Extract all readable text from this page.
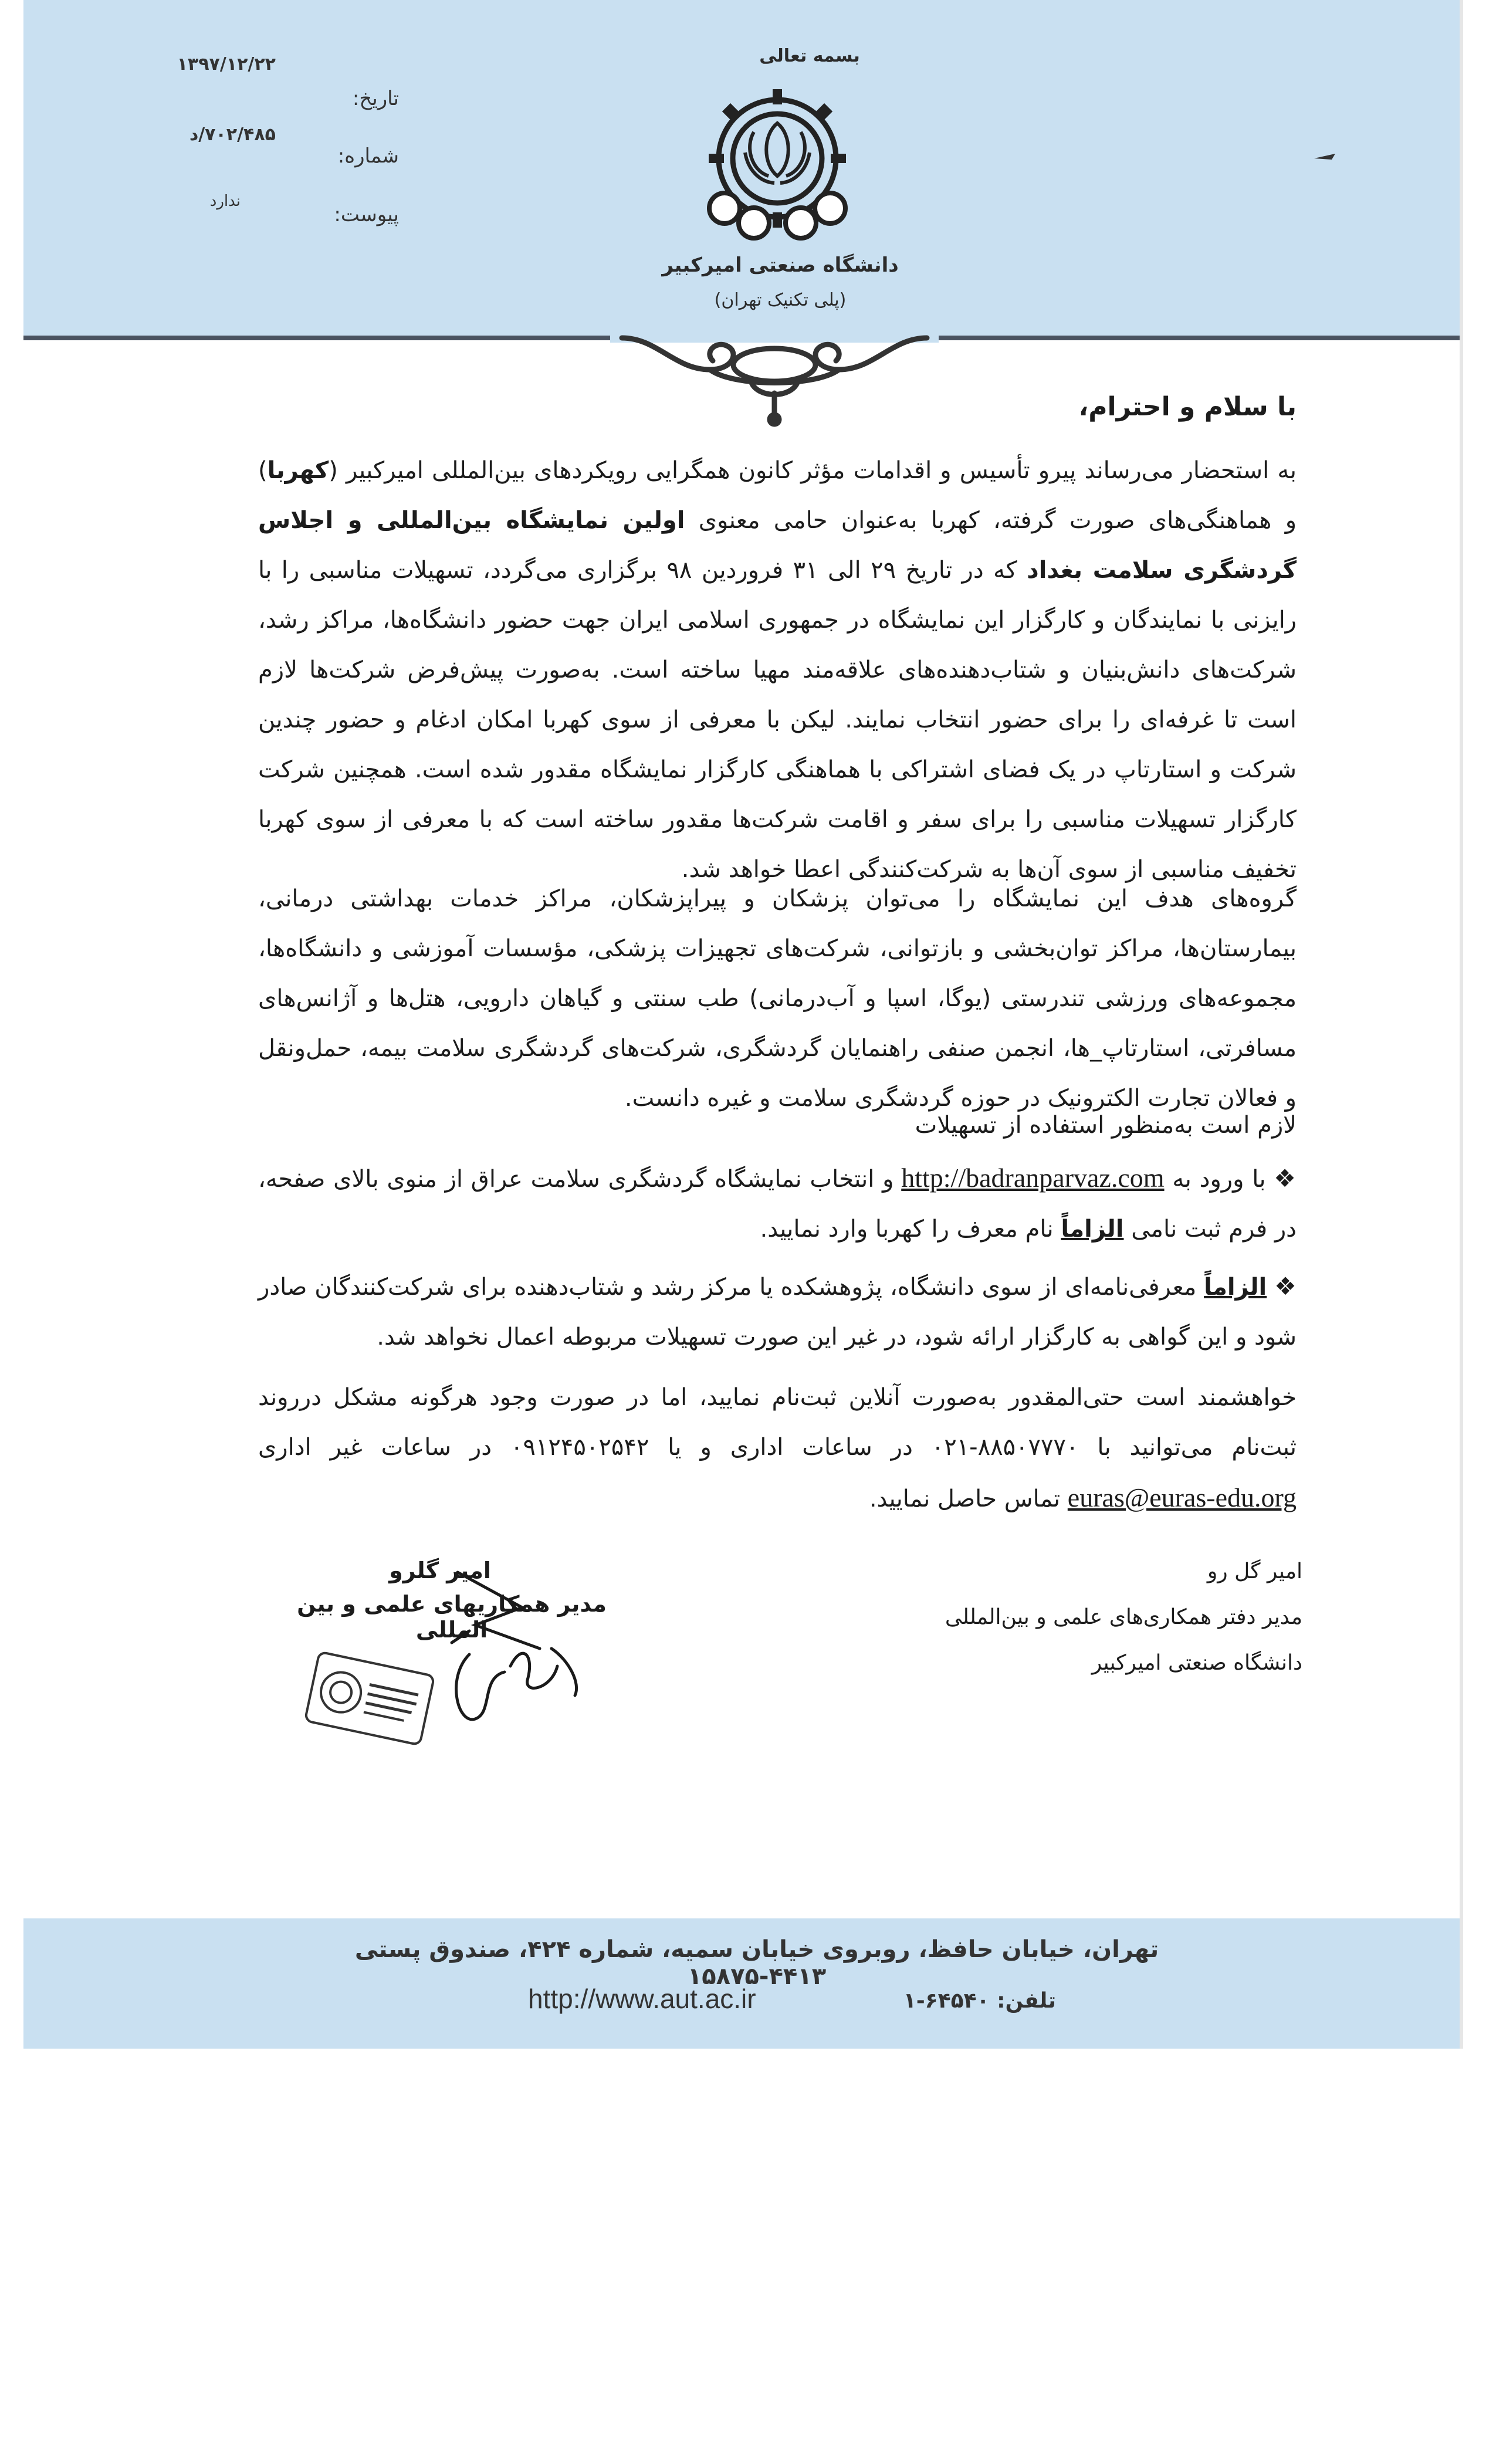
بسمه تعالی
دانشگاه صنعتی امیرکبیر
(پلی تکنیک تهران)
تاریخ:
شماره:
پیوست:
۱۳۹۷/۱۲/۲۲
۷۰۲/۴۸۵/د
ندارد
با سلام و احترام،
به استحضار می‌رساند پیرو تأسیس و اقدامات مؤثر کانون همگرایی رویکردهای بین‌المللی امیرکبیر (کهربا) و هماهنگی‌های صورت گرفته، کهربا به‌عنوان حامی معنوی اولین نمایشگاه بین‌المللی و اجلاس گردشگری سلامت بغداد که در تاریخ ۲۹ الی ۳۱ فروردین ۹۸ برگزاری می‌گردد، تسهیلات مناسبی را با رایزنی با نمایندگان و کارگزار این نمایشگاه در جمهوری اسلامی ایران جهت حضور دانشگاه‌ها، مراکز رشد، شرکت‌های دانش‌بنیان و شتاب‌دهنده‌های علاقه‌مند مهیا ساخته است. به‌صورت پیش‌فرض شرکت‌ها لازم است تا غرفه‌ای را برای حضور انتخاب نمایند. لیکن با معرفی از سوی کهربا امکان ادغام و حضور چندین شرکت و استارتاپ در یک فضای اشتراکی با هماهنگی کارگزار نمایشگاه مقدور شده است. همچنین شرکت کارگزار تسهیلات مناسبی را برای سفر و اقامت شرکت‌ها مقدور ساخته است که با معرفی از سوی کهربا تخفیف مناسبی از سوی آن‌ها به شرکت‌کنندگی اعطا خواهد شد.
گروه‌های هدف این نمایشگاه را می‌توان پزشکان و پیراپزشکان، مراکز خدمات بهداشتی درمانی، بیمارستان‌ها، مراکز توان‌بخشی و بازتوانی، شرکت‌های تجهیزات پزشکی، مؤسسات آموزشی و دانشگاه‌ها، مجموعه‌های ورزشی تندرستی (یوگا، اسپا و آب‌درمانی) طب سنتی و گیاهان دارویی، هتل‌ها و آژانس‌های مسافرتی، استارتاپ_ها، انجمن صنفی راهنمایان گردشگری، شرکت‌های گردشگری سلامت بیمه، حمل‌ونقل و فعالان تجارت الکترونیک در حوزه گردشگری سلامت و غیره دانست.
لازم است به‌منظور استفاده از تسهیلات
❖ با ورود به http://badranparvaz.com و انتخاب نمایشگاه گردشگری سلامت عراق از منوی بالای صفحه، در فرم ثبت نامی الزاماً نام معرف را کهربا وارد نمایید.
❖ الزاماً معرفی‌نامه‌ای از سوی دانشگاه، پژوهشکده یا مرکز رشد و شتاب‌دهنده برای شرکت‌کنندگان صادر شود و این گواهی به کارگزار ارائه شود، در غیر این صورت تسهیلات مربوطه اعمال نخواهد شد.
خواهشمند است حتی‌المقدور به‌صورت آنلاین ثبت‌نام نمایید، اما در صورت وجود هرگونه مشکل درروند ثبت‌نام می‌توانید با ۸۸۵۰۷۷۷۰-۰۲۱ در ساعات اداری و یا ۰۹۱۲۴۵۰۲۵۴۲ در ساعات غیر اداری euras@euras-edu.org تماس حاصل نمایید.
امیر گل رو
مدیر دفتر همکاری‌های علمی و بین‌المللی
دانشگاه صنعتی امیرکبیر
امیر گلرو
مدیر همکاریهای علمی و بین المللی
تهران، خیابان حافظ، روبروی خیابان سمیه، شماره ۴۲۴، صندوق پستی ۴۴۱۳-۱۵۸۷۵
http://www.aut.ac.ir	تلفن: ۶۴۵۴۰-۱
